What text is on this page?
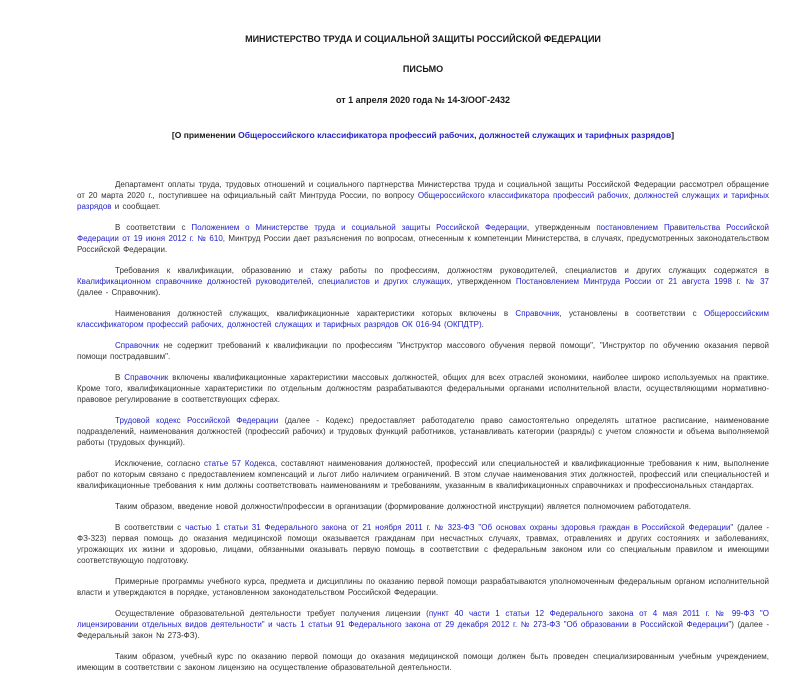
МИНИСТЕРСТВО ТРУДА И СОЦИАЛЬНОЙ ЗАЩИТЫ РОССИЙСКОЙ ФЕДЕРАЦИИ
ПИСЬМО
от 1 апреля 2020 года № 14-3/ООГ-2432
[О применении Общероссийского классификатора профессий рабочих, должностей служащих и тарифных разрядов]

Департамент оплаты труда, трудовых отношений и социального партнерства Министерства труда и социальной защиты Российской Федерации рассмотрел обращение от 20 марта 2020 г., поступившее на официальный сайт Минтруда России, по вопросу Общероссийского классификатора профессий рабочих, должностей служащих и тарифных разрядов и сообщает.

В соответствии с Положением о Министерстве труда и социальной защиты Российской Федерации, утвержденным постановлением Правительства Российской Федерации от 19 июня 2012 г. № 610, Минтруд России дает разъяснения по вопросам, отнесенным к компетенции Министерства, в случаях, предусмотренных законодательством Российской Федерации.

Требования к квалификации, образованию и стажу работы по профессиям, должностям руководителей, специалистов и других служащих содержатся в Квалификационном справочнике должностей руководителей, специалистов и других служащих, утвержденном Постановлением Минтруда России от 21 августа 1998 г. № 37 (далее - Справочник).

Наименования должностей служащих, квалификационные характеристики которых включены в Справочник, установлены в соответствии с Общероссийским классификатором профессий рабочих, должностей служащих и тарифных разрядов ОК 016-94 (ОКПДТР).

Справочник не содержит требований к квалификации по профессиям "Инструктор массового обучения первой помощи", "Инструктор по обучению оказания первой помощи пострадавшим".

В Справочник включены квалификационные характеристики массовых должностей, общих для всех отраслей экономики, наиболее широко используемых на практике. Кроме того, квалификационные характеристики по отдельным должностям разрабатываются федеральными органами исполнительной власти, осуществляющими нормативно-правовое регулирование в соответствующих сферах.

Трудовой кодекс Российской Федерации (далее - Кодекс) предоставляет работодателю право самостоятельно определять штатное расписание, наименование подразделений, наименования должностей (профессий рабочих) и трудовых функций работников, устанавливать категории (разряды) с учетом сложности и объема выполняемой работы (трудовых функций).

Исключение, согласно статье 57 Кодекса, составляют наименования должностей, профессий или специальностей и квалификационные требования к ним, выполнение работ по которым связано с предоставлением компенсаций и льгот либо наличием ограничений. В этом случае наименования этих должностей, профессий или специальностей и квалификационные требования к ним должны соответствовать наименованиям и требованиям, указанным в квалификационных справочниках и профессиональных стандартах.

Таким образом, введение новой должности/профессии в организации (формирование должностной инструкции) является полномочием работодателя.

В соответствии с частью 1 статьи 31 Федерального закона от 21 ноября 2011 г. № 323-ФЗ "Об основах охраны здоровья граждан в Российской Федерации" (далее - ФЗ-323) первая помощь до оказания медицинской помощи оказывается гражданам при несчастных случаях, травмах, отравлениях и других состояниях и заболеваниях, угрожающих их жизни и здоровью, лицами, обязанными оказывать первую помощь в соответствии с федеральным законом или со специальным правилом и имеющими соответствующую подготовку.

Примерные программы учебного курса, предмета и дисциплины по оказанию первой помощи разрабатываются уполномоченным федеральным органом исполнительной власти и утверждаются в порядке, установленном законодательством Российской Федерации.

Осуществление образовательной деятельности требует получения лицензии (пункт 40 части 1 статьи 12 Федерального закона от 4 мая 2011 г. № 99-ФЗ "О лицензировании отдельных видов деятельности" и часть 1 статьи 91 Федерального закона от 29 декабря 2012 г. № 273-ФЗ "Об образовании в Российской Федерации") (далее - Федеральный закон № 273-ФЗ).

Таким образом, учебный курс по оказанию первой помощи до оказания медицинской помощи должен быть проведен специализированным учебным учреждением, имеющим в соответствии с законом лицензию на осуществление образовательной деятельности.
